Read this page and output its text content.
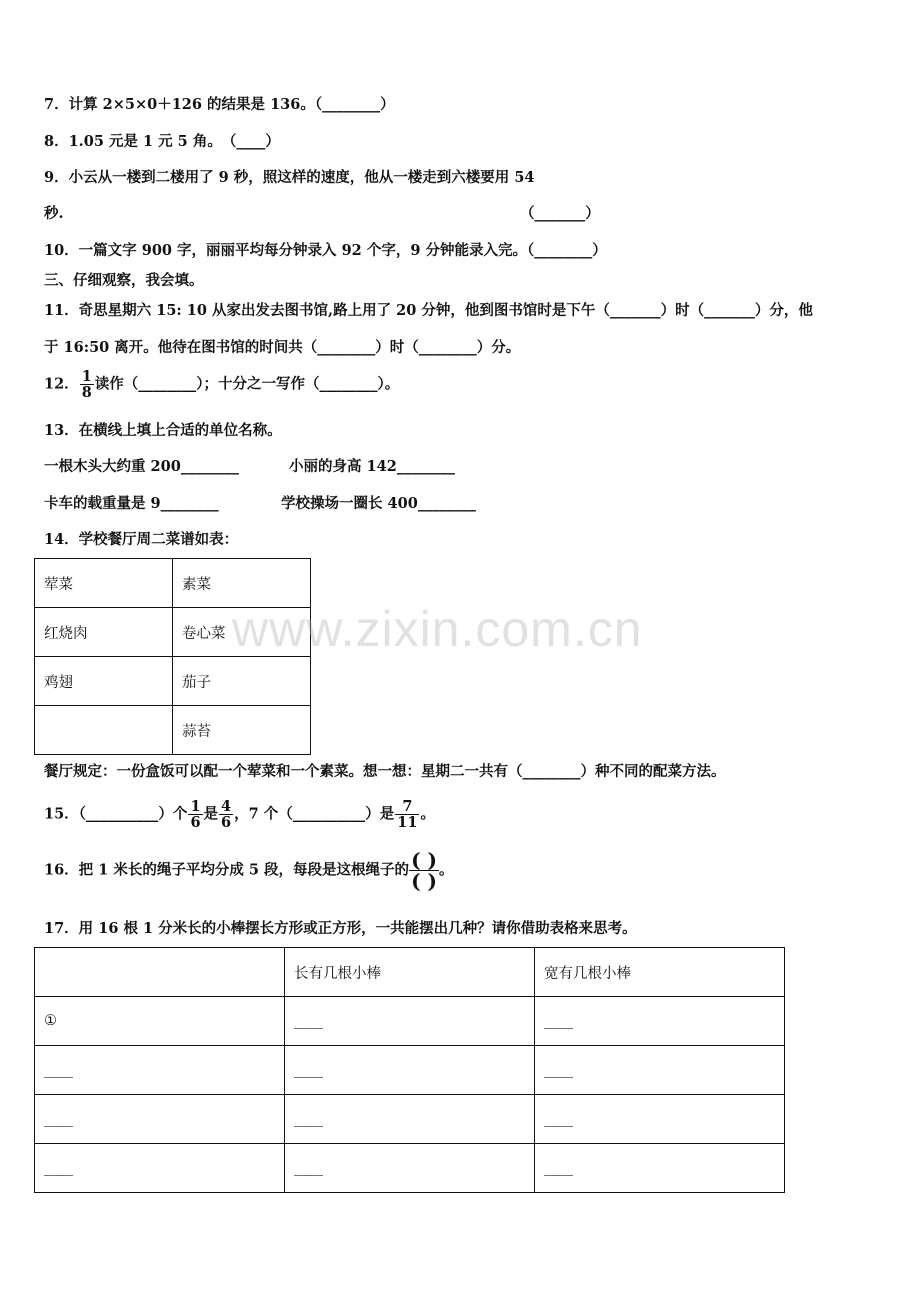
7．计算 2×5×0＋126 的结果是 136。（________）
8．1.05 元是 1 元 5 角。　（____）
9．小云从一楼到二楼用了 9 秒，照这样的速度，他从一楼走到六楼要用 54
秒.	（_______）
10．一篇文字 900 字，丽丽平均每分钟录入 92 个字，9 分钟能录入完。（________）
三、仔细观察，我会填。
11．奇思星期六 15: 10 从家出发去图书馆,路上用了 20 分钟，他到图书馆时是下午（_______）时（_______）分，他
于 16:50 离开。他待在图书馆的时间共（________）时（________）分。
12． $\frac{1}{8}$ 读作（________）；十分之一写作（________）。
13．在横线上填上合适的单位名称。
一根木头大约重 200________	小丽的身高 142________
卡车的载重量是 9________	学校操场一圈长 400________
14．学校餐厅周二菜谱如表：
荤菜	素菜
红烧肉	卷心菜
鸡翅	茄子
	蒜苔
www.zixin.com.cn
餐厅规定：一份盒饭可以配一个荤菜和一个素菜。想一想：星期二一共有（________）种不同的配菜方法。
15．（__________）个 $\frac{1}{6}$ 是 $\frac{4}{6}$ ，7 个（__________）是 $\frac{7}{11}$ 。
16．把 1 米长的绳子平均分成 5 段，每段是这根绳子的 ( )
( ) 。
17．用 16 根 1 分米长的小棒摆长方形或正方形，一共能摆出几种？请你借助表格来思考。
	长有几根小棒	宽有几根小棒
①	____	____
____	____	____
____	____	____
____	____	____
